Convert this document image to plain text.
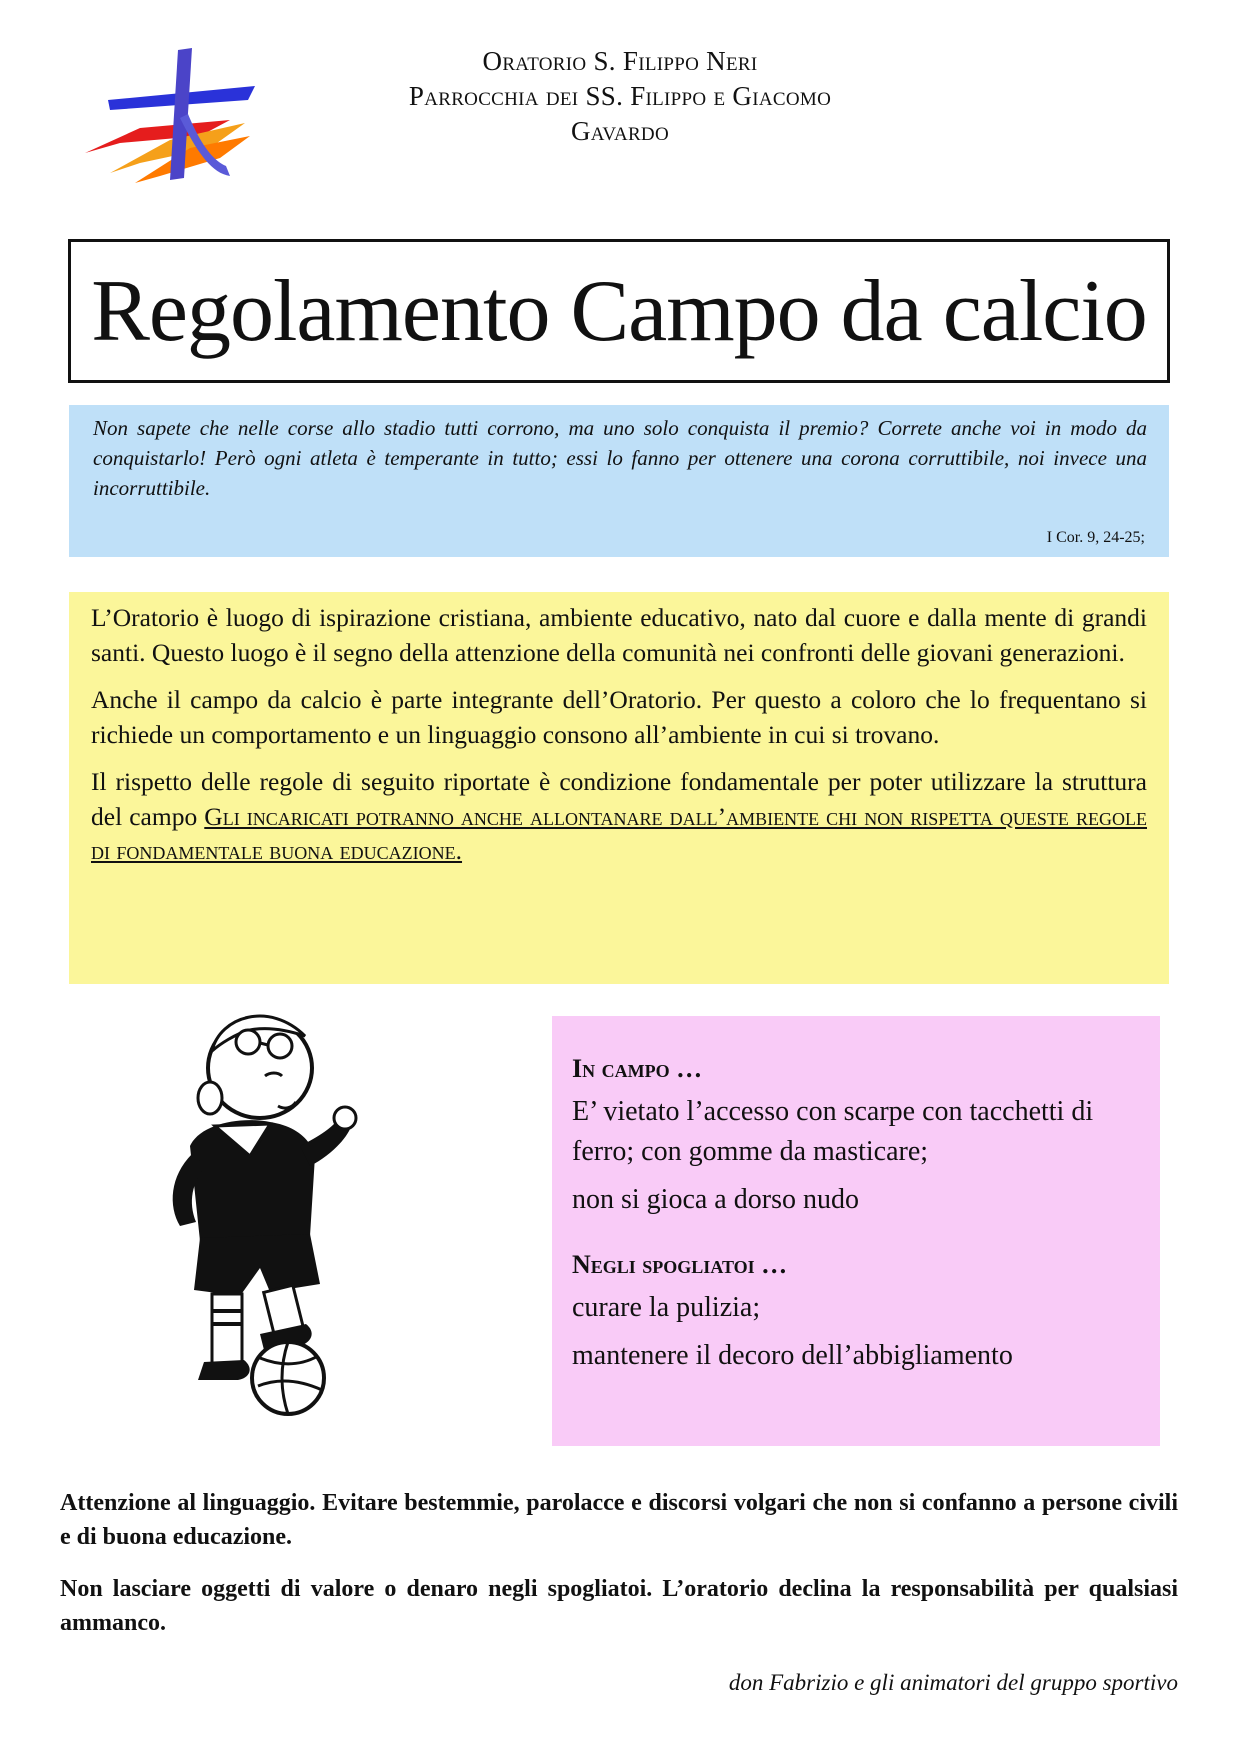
Oratorio S. Filippo Neri
Parrocchia dei SS. Filippo e Giacomo
Gavardo
Regolamento Campo da calcio
Non sapete che nelle corse allo stadio tutti corrono, ma uno solo conquista il premio? Correte anche voi in modo da conquistarlo! Però ogni atleta è temperante in tutto; essi lo fanno per ottenere una corona corruttibile, noi invece una incorruttibile.
I Cor. 9, 24-25;

L’Oratorio è luogo di ispirazione cristiana, ambiente educativo, nato dal cuore e dalla mente di grandi santi. Questo luogo è il segno della attenzione della comunità nei confronti delle giovani generazioni.

Anche il campo da calcio è parte integrante dell’Oratorio. Per questo a coloro che lo frequentano si richiede un comportamento e un linguaggio consono all’ambiente in cui si trovano.

Il rispetto delle regole di seguito riportate è condizione fondamentale per poter utilizzare la struttura del campo Gli incaricati potranno anche allontanare dall’ambiente chi non rispetta queste regole di fondamentale buona educazione.

In campo …
E’ vietato l’accesso con scarpe con tacchetti di ferro; con gomme da masticare;
non si gioca a dorso nudo
Negli spogliatoi …
curare la pulizia;
mantenere il decoro dell’abbigliamento

Attenzione al linguaggio. Evitare bestemmie, parolacce e discorsi volgari che non si confanno a persone civili e di buona educazione.

Non lasciare oggetti di valore o denaro negli spogliatoi. L’oratorio declina la responsabilità per qualsiasi ammanco.

don Fabrizio e gli animatori del gruppo sportivo
